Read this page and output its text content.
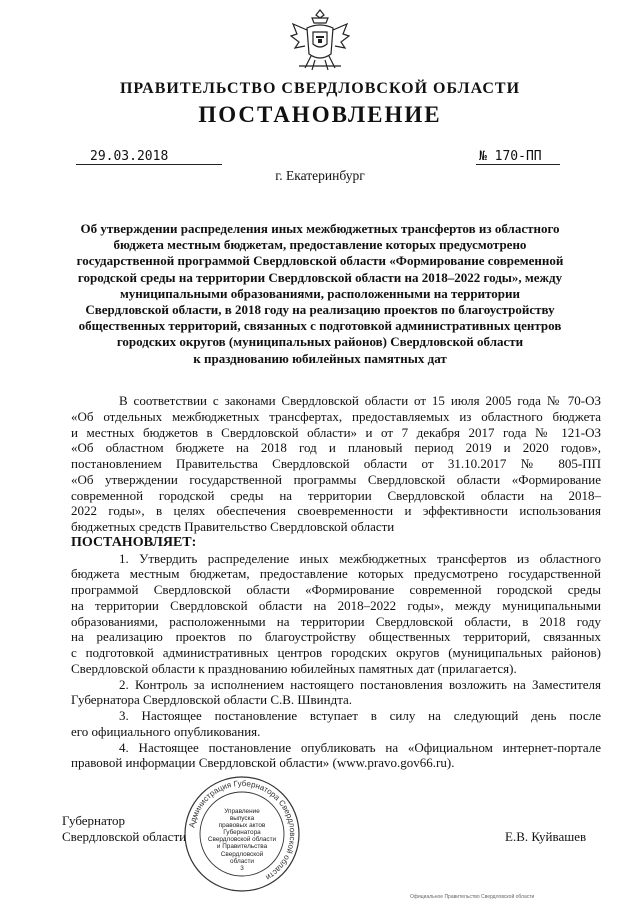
ПРАВИТЕЛЬСТВО СВЕРДЛОВСКОЙ ОБЛАСТИ
ПОСТАНОВЛЕНИЕ
29.03.2018	№ 170-ПП
г. Екатеринбург
Об утверждении распределения иных межбюджетных трансфертов из областного
бюджета местным бюджетам, предоставление которых предусмотрено
государственной программой Свердловской области «Формирование современной
городской среды на территории Свердловской области на 2018–2022 годы», между
муниципальными образованиями, расположенными на территории
Свердловской области, в 2018 году на реализацию проектов по благоустройству
общественных территорий, связанных с подготовкой административных центров
городских округов (муниципальных районов) Свердловской области
к празднованию юбилейных памятных дат
В соответствии с законами Свердловской области от 15 июля 2005 года № 70-ОЗ
«Об отдельных межбюджетных трансфертах, предоставляемых из областного бюджета
и местных бюджетов в Свердловской области» и от 7 декабря 2017 года № 121-ОЗ
«Об областном бюджете на 2018 год и плановый период 2019 и 2020 годов»,
постановлением Правительства Свердловской области от 31.10.2017 № 805-ПП
«Об утверждении государственной программы Свердловской области «Формирование
современной городской среды на территории Свердловской области на 2018–
2022 годы», в целях обеспечения своевременности и эффективности использования
бюджетных средств Правительство Свердловской области
ПОСТАНОВЛЯЕТ:
1. Утвердить распределение иных межбюджетных трансфертов из областного
бюджета местным бюджетам, предоставление которых предусмотрено государственной
программой Свердловской области «Формирование современной городской среды
на территории Свердловской области на 2018–2022 годы», между муниципальными
образованиями, расположенными на территории Свердловской области, в 2018 году
на реализацию проектов по благоустройству общественных территорий, связанных
с подготовкой административных центров городских округов (муниципальных районов)
Свердловской области к празднованию юбилейных памятных дат (прилагается).
2. Контроль за исполнением настоящего постановления возложить на Заместителя
Губернатора Свердловской области С.В. Швиндта.
3. Настоящее постановление вступает в силу на следующий день после
его официального опубликования.
4. Настоящее постановление опубликовать на «Официальном интернет-портале
правовой информации Свердловской области» (www.pravo.gov66.ru).
Губернатор
Свердловской области	Е.В. Куйвашев
Администрация Губернатора Свердловской области
Управление
выпуска
правовых актов
Губернатора
Свердловской области
и Правительства
Свердловской
области
3
Официальное Правительство Свердловской области
